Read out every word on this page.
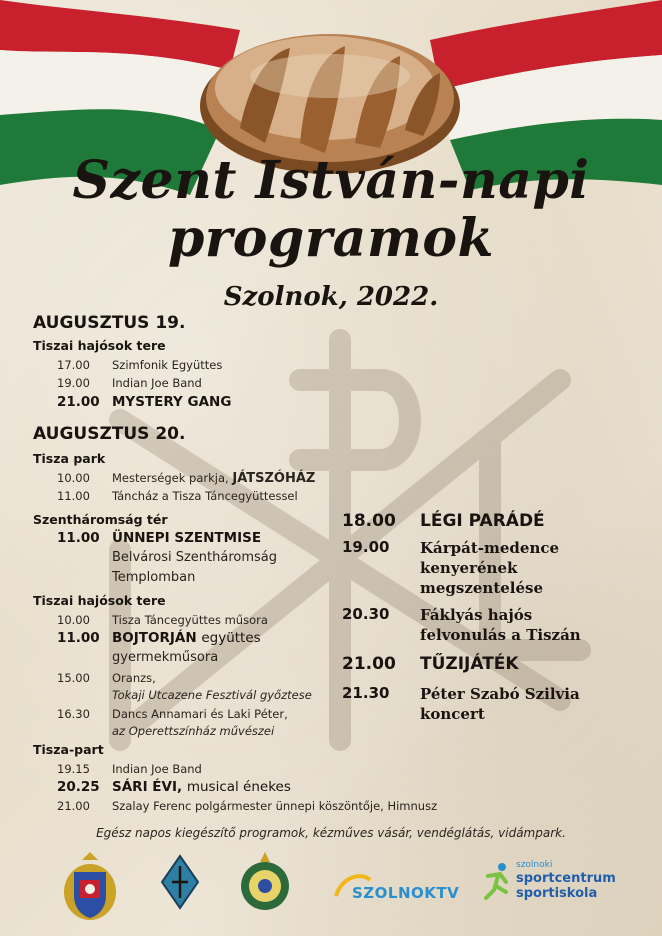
Szent István-napi
programok
Szolnok, 2022.
AUGUSZTUS 19.
Tiszai hajósok tere
17.00 Szimfonik Együttes
19.00 Indian Joe Band
21.00 MYSTERY GANG
AUGUSZTUS 20.
Tisza park
10.00 Mesterségek parkja, JÁTSZÓHÁZ
11.00 Táncház a Tisza Táncegyüttessel
Szentháromság tér
11.00 ÜNNEPI SZENTMISE
Belvárosi Szentháromság
Templomban
Tiszai hajósok tere
10.00 Tisza Táncegyüttes műsora
11.00 BOJTORJÁN együttes
gyermekműsora
15.00 Oranzs,
Tokaji Utcazene Fesztivál győztese
16.30 Dancs Annamari és Laki Péter,
az Operettszínház művészei
Tisza-part
19.15 Indian Joe Band
20.25 SÁRI ÉVI, musical énekes
21.00 Szalay Ferenc polgármester ünnepi köszöntője, Himnusz
18.00 LÉGI PARÁDÉ
19.00 Kárpát-medence
kenyerének
megszentelése
20.30 Fáklyás hajós
felvonulás a Tiszán
21.00 TŰZIJÁTÉK
21.30 Péter Szabó Szilvia
koncert
Egész napos kiegészítő programok, kézműves vásár, vendéglátás, vidámpark.
SZOLNOKTV
szolnoki
sportcentrum
sportiskola
